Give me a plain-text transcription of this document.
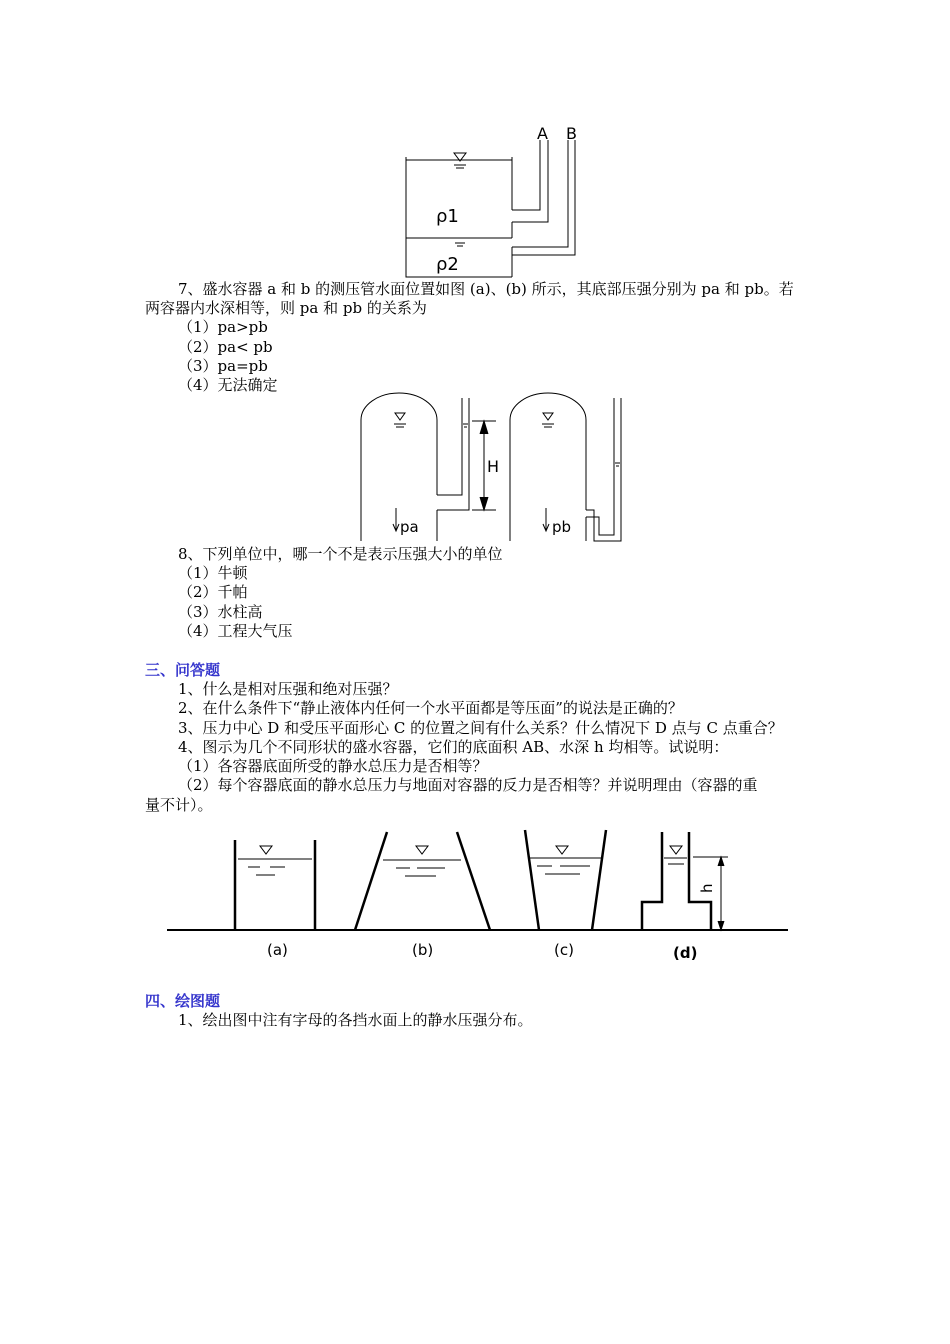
A B
ρ1
ρ2
7、盛水容器 a 和 b 的测压管水面位置如图 (a)、(b) 所示，其底部压强分别为 pa 和 pb。若
两容器内水深相等，则 pa 和 pb 的关系为
（1）pa>pb
（2）pa< pb
（3）pa=pb
（4）无法确定
H
pa	pb
8、下列单位中，哪一个不是表示压强大小的单位
（1）牛顿
（2）千帕
（3）水柱高
（4）工程大气压
三、问答题
1、什么是相对压强和绝对压强？
2、在什么条件下“静止液体内任何一个水平面都是等压面”的说法是正确的？
3、压力中心 D 和受压平面形心 C 的位置之间有什么关系？什么情况下 D 点与 C 点重合？
4、图示为几个不同形状的盛水容器，它们的底面积 AB、水深 h 均相等。试说明：
（1）各容器底面所受的静水总压力是否相等？
（2）每个容器底面的静水总压力与地面对容器的反力是否相等？并说明理由（容器的重
量不计）。
(a)	(b)	(c)	(d)
h
四、绘图题
1、绘出图中注有字母的各挡水面上的静水压强分布。
